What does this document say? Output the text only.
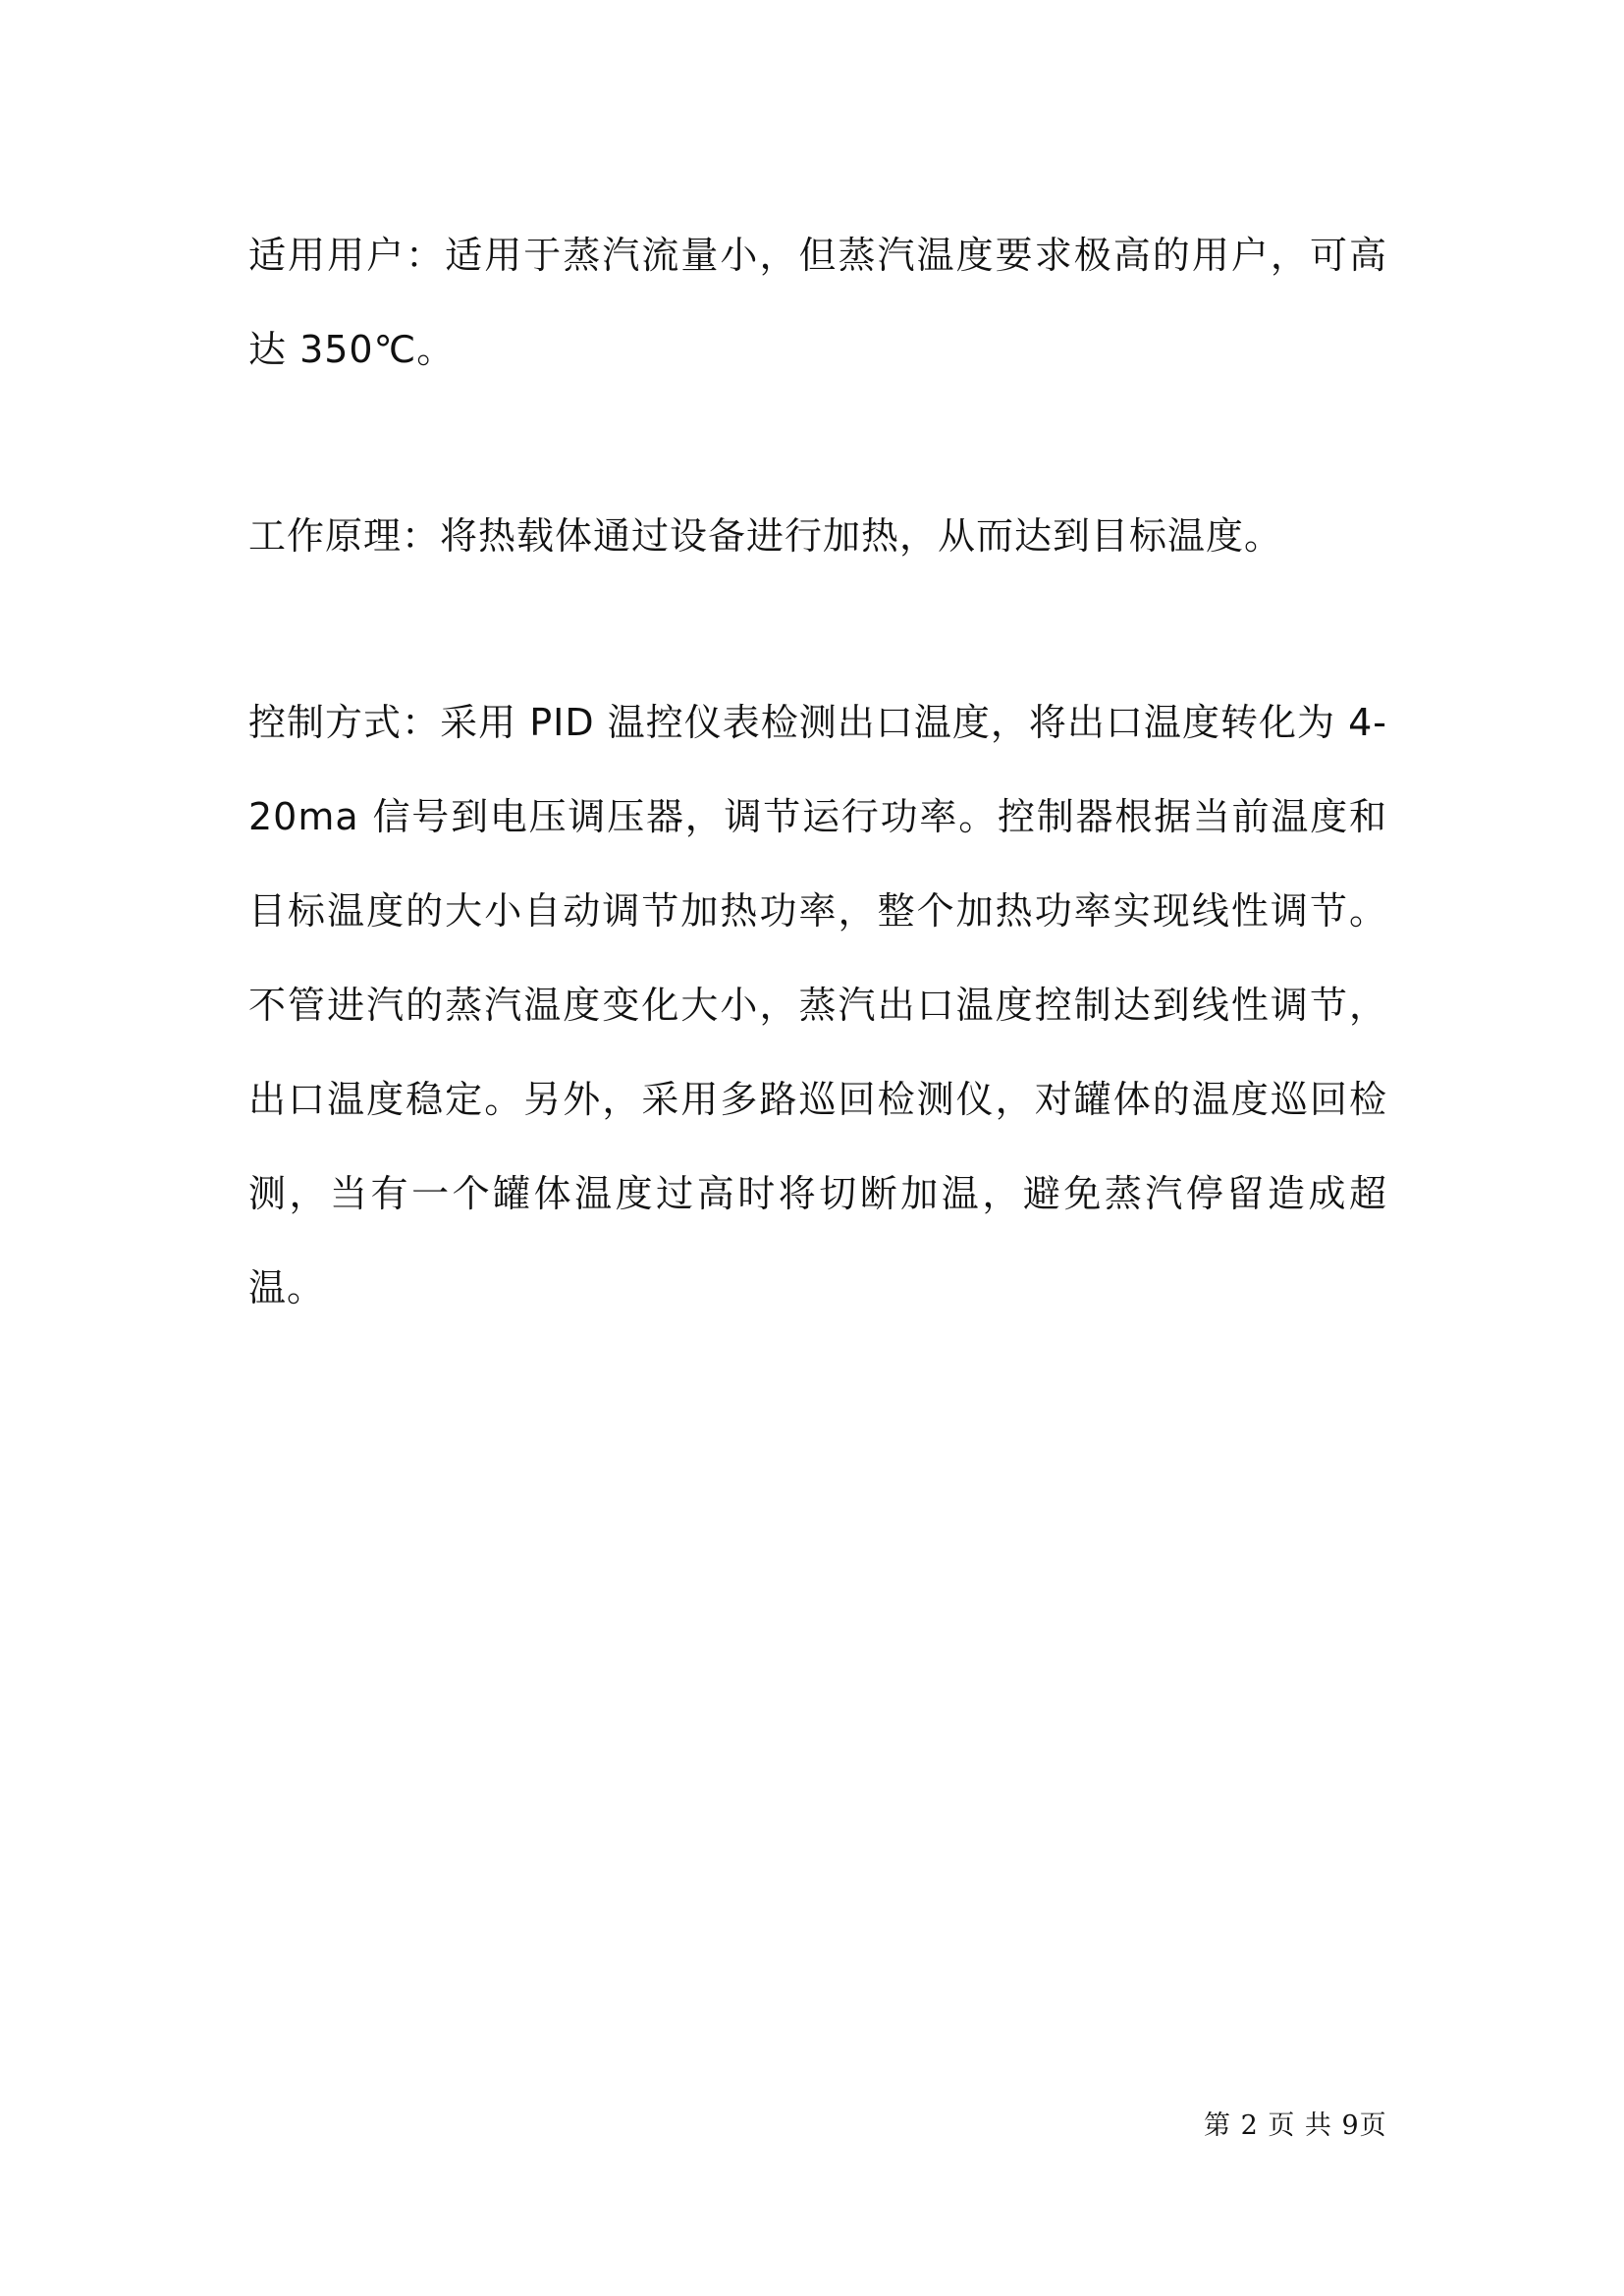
适用用户：适用于蒸汽流量小，但蒸汽温度要求极高的用户，可高达 350℃。

工作原理：将热载体通过设备进行加热，从而达到目标温度。

控制方式：采用 PID 温控仪表检测出口温度，将出口温度转化为 4-20ma 信号到电压调压器，调节运行功率。控制器根据当前温度和目标温度的大小自动调节加热功率，整个加热功率实现线性调节。不管进汽的蒸汽温度变化大小，蒸汽出口温度控制达到线性调节，出口温度稳定。另外，采用多路巡回检测仪，对罐体的温度巡回检测，当有一个罐体温度过高时将切断加温，避免蒸汽停留造成超温。

第 2 页 共 9页
